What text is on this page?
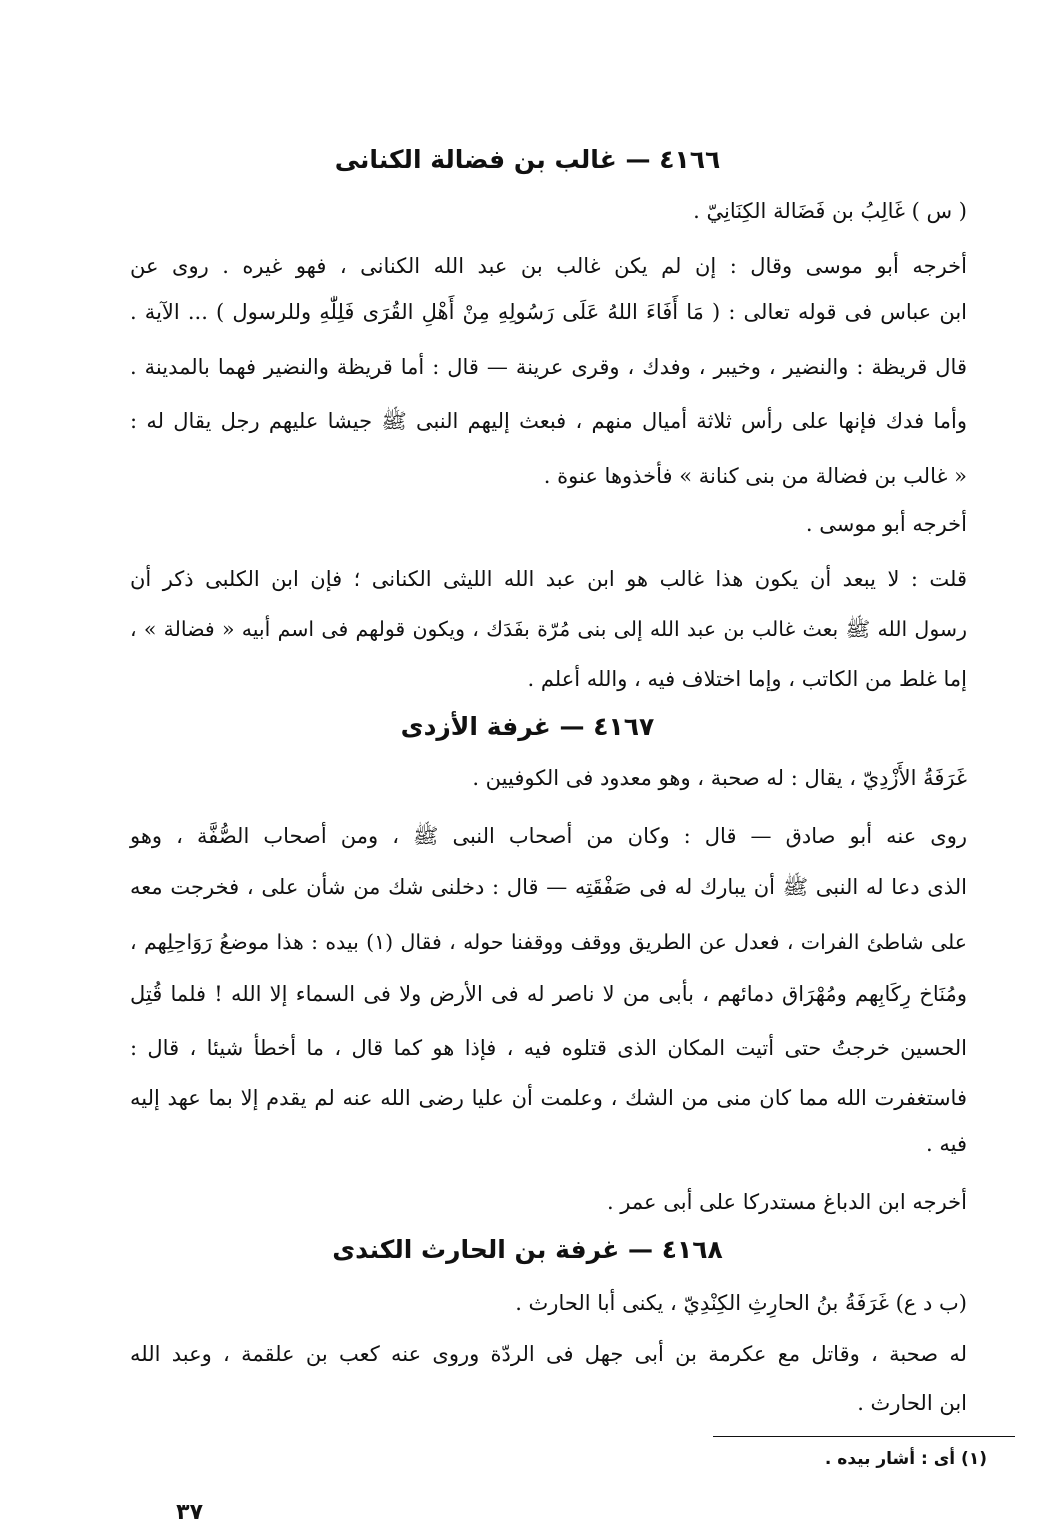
٤١٦٦ — غالب بن فضالة الكنانى
( س ) غَالِبُ بن فَضَالة الكِنَانِيّ .
أخرجه أبو موسى وقال : إن لم يكن غالب بن عبد الله الكنانى ، فهو غيره . روى عن
ابن عباس فى قوله تعالى : ( مَا أَفَاءَ اللهُ عَلَى رَسُولِهِ مِنْ أَهْلِ القُرَى فَلِلّٰهِ وللرسول ) ... الآية .
قال قريظة : والنضير ، وخيبر ، وفدك ، وقرى عرينة — قال : أما قريظة والنضير فهما بالمدينة .
وأما فدك فإنها على رأس ثلاثة أميال منهم ، فبعث إليهم النبى ﷺ جيشا عليهم رجل يقال له :
« غالب بن فضالة من بنى كنانة » فأخذوها عنوة .
أخرجه أبو موسى .
قلت : لا يبعد أن يكون هذا غالب هو ابن عبد الله الليثى الكنانى ؛ فإن ابن الكلبى ذكر أن
رسول الله ﷺ بعث غالب بن عبد الله إلى بنى مُرّة بفَدَك ، ويكون قولهم فى اسم أبيه « فضالة » ،
إما غلط من الكاتب ، وإما اختلاف فيه ، والله أعلم .
٤١٦٧ — غرفة الأزدى
غَرَفَةُ الأَزْدِيّ ، يقال : له صحبة ، وهو معدود فى الكوفيين .
روى عنه أبو صادق — قال : وكان من أصحاب النبى ﷺ ، ومن أصحاب الصُّفَّة ، وهو
الذى دعا له النبى ﷺ أن يبارك له فى صَفْقَتِه — قال : دخلنى شك من شأن على ، فخرجت معه
على شاطئ الفرات ، فعدل عن الطريق ووقف ووقفنا حوله ، فقال (١) بيده : هذا موضعُ رَوَاحِلِهم ،
ومُنَاخ رِكَابِهم ومُهْرَاق دمائهم ، بأبى من لا ناصر له فى الأرض ولا فى السماء إلا الله ! فلما قُتِل
الحسين خرجتُ حتى أتيت المكان الذى قتلوه فيه ، فإذا هو كما قال ، ما أخطأ شيئا ، قال :
فاستغفرت الله مما كان منى من الشك ، وعلمت أن عليا رضى الله عنه لم يقدم إلا بما عهد إليه
فيه .
أخرجه ابن الدباغ مستدركا على أبى عمر .
٤١٦٨ — غرفة بن الحارث الكندى
(ب د ع) غَرَفَةُ بنُ الحارِثِ الكِنْدِيّ ، يكنى أبا الحارث .
له صحبة ، وقاتل مع عكرمة بن أبى جهل فى الردّة وروى عنه كعب بن علقمة ، وعبد الله
ابن الحارث .
(١) أى : أشار بيده .
٣٧
